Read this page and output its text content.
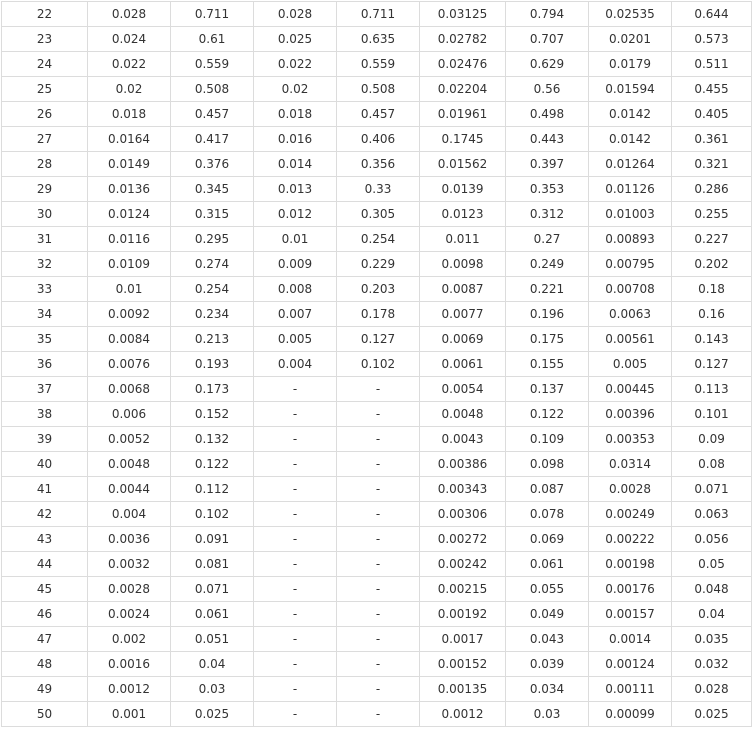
22	0.028	0.711	0.028	0.711	0.03125	0.794	0.02535	0.644
23	0.024	0.61	0.025	0.635	0.02782	0.707	0.0201	0.573
24	0.022	0.559	0.022	0.559	0.02476	0.629	0.0179	0.511
25	0.02	0.508	0.02	0.508	0.02204	0.56	0.01594	0.455
26	0.018	0.457	0.018	0.457	0.01961	0.498	0.0142	0.405
27	0.0164	0.417	0.016	0.406	0.1745	0.443	0.0142	0.361
28	0.0149	0.376	0.014	0.356	0.01562	0.397	0.01264	0.321
29	0.0136	0.345	0.013	0.33	0.0139	0.353	0.01126	0.286
30	0.0124	0.315	0.012	0.305	0.0123	0.312	0.01003	0.255
31	0.0116	0.295	0.01	0.254	0.011	0.27	0.00893	0.227
32	0.0109	0.274	0.009	0.229	0.0098	0.249	0.00795	0.202
33	0.01	0.254	0.008	0.203	0.0087	0.221	0.00708	0.18
34	0.0092	0.234	0.007	0.178	0.0077	0.196	0.0063	0.16
35	0.0084	0.213	0.005	0.127	0.0069	0.175	0.00561	0.143
36	0.0076	0.193	0.004	0.102	0.0061	0.155	0.005	0.127
37	0.0068	0.173	-	-	0.0054	0.137	0.00445	0.113
38	0.006	0.152	-	-	0.0048	0.122	0.00396	0.101
39	0.0052	0.132	-	-	0.0043	0.109	0.00353	0.09
40	0.0048	0.122	-	-	0.00386	0.098	0.0314	0.08
41	0.0044	0.112	-	-	0.00343	0.087	0.0028	0.071
42	0.004	0.102	-	-	0.00306	0.078	0.00249	0.063
43	0.0036	0.091	-	-	0.00272	0.069	0.00222	0.056
44	0.0032	0.081	-	-	0.00242	0.061	0.00198	0.05
45	0.0028	0.071	-	-	0.00215	0.055	0.00176	0.048
46	0.0024	0.061	-	-	0.00192	0.049	0.00157	0.04
47	0.002	0.051	-	-	0.0017	0.043	0.0014	0.035
48	0.0016	0.04	-	-	0.00152	0.039	0.00124	0.032
49	0.0012	0.03	-	-	0.00135	0.034	0.00111	0.028
50	0.001	0.025	-	-	0.0012	0.03	0.00099	0.025
